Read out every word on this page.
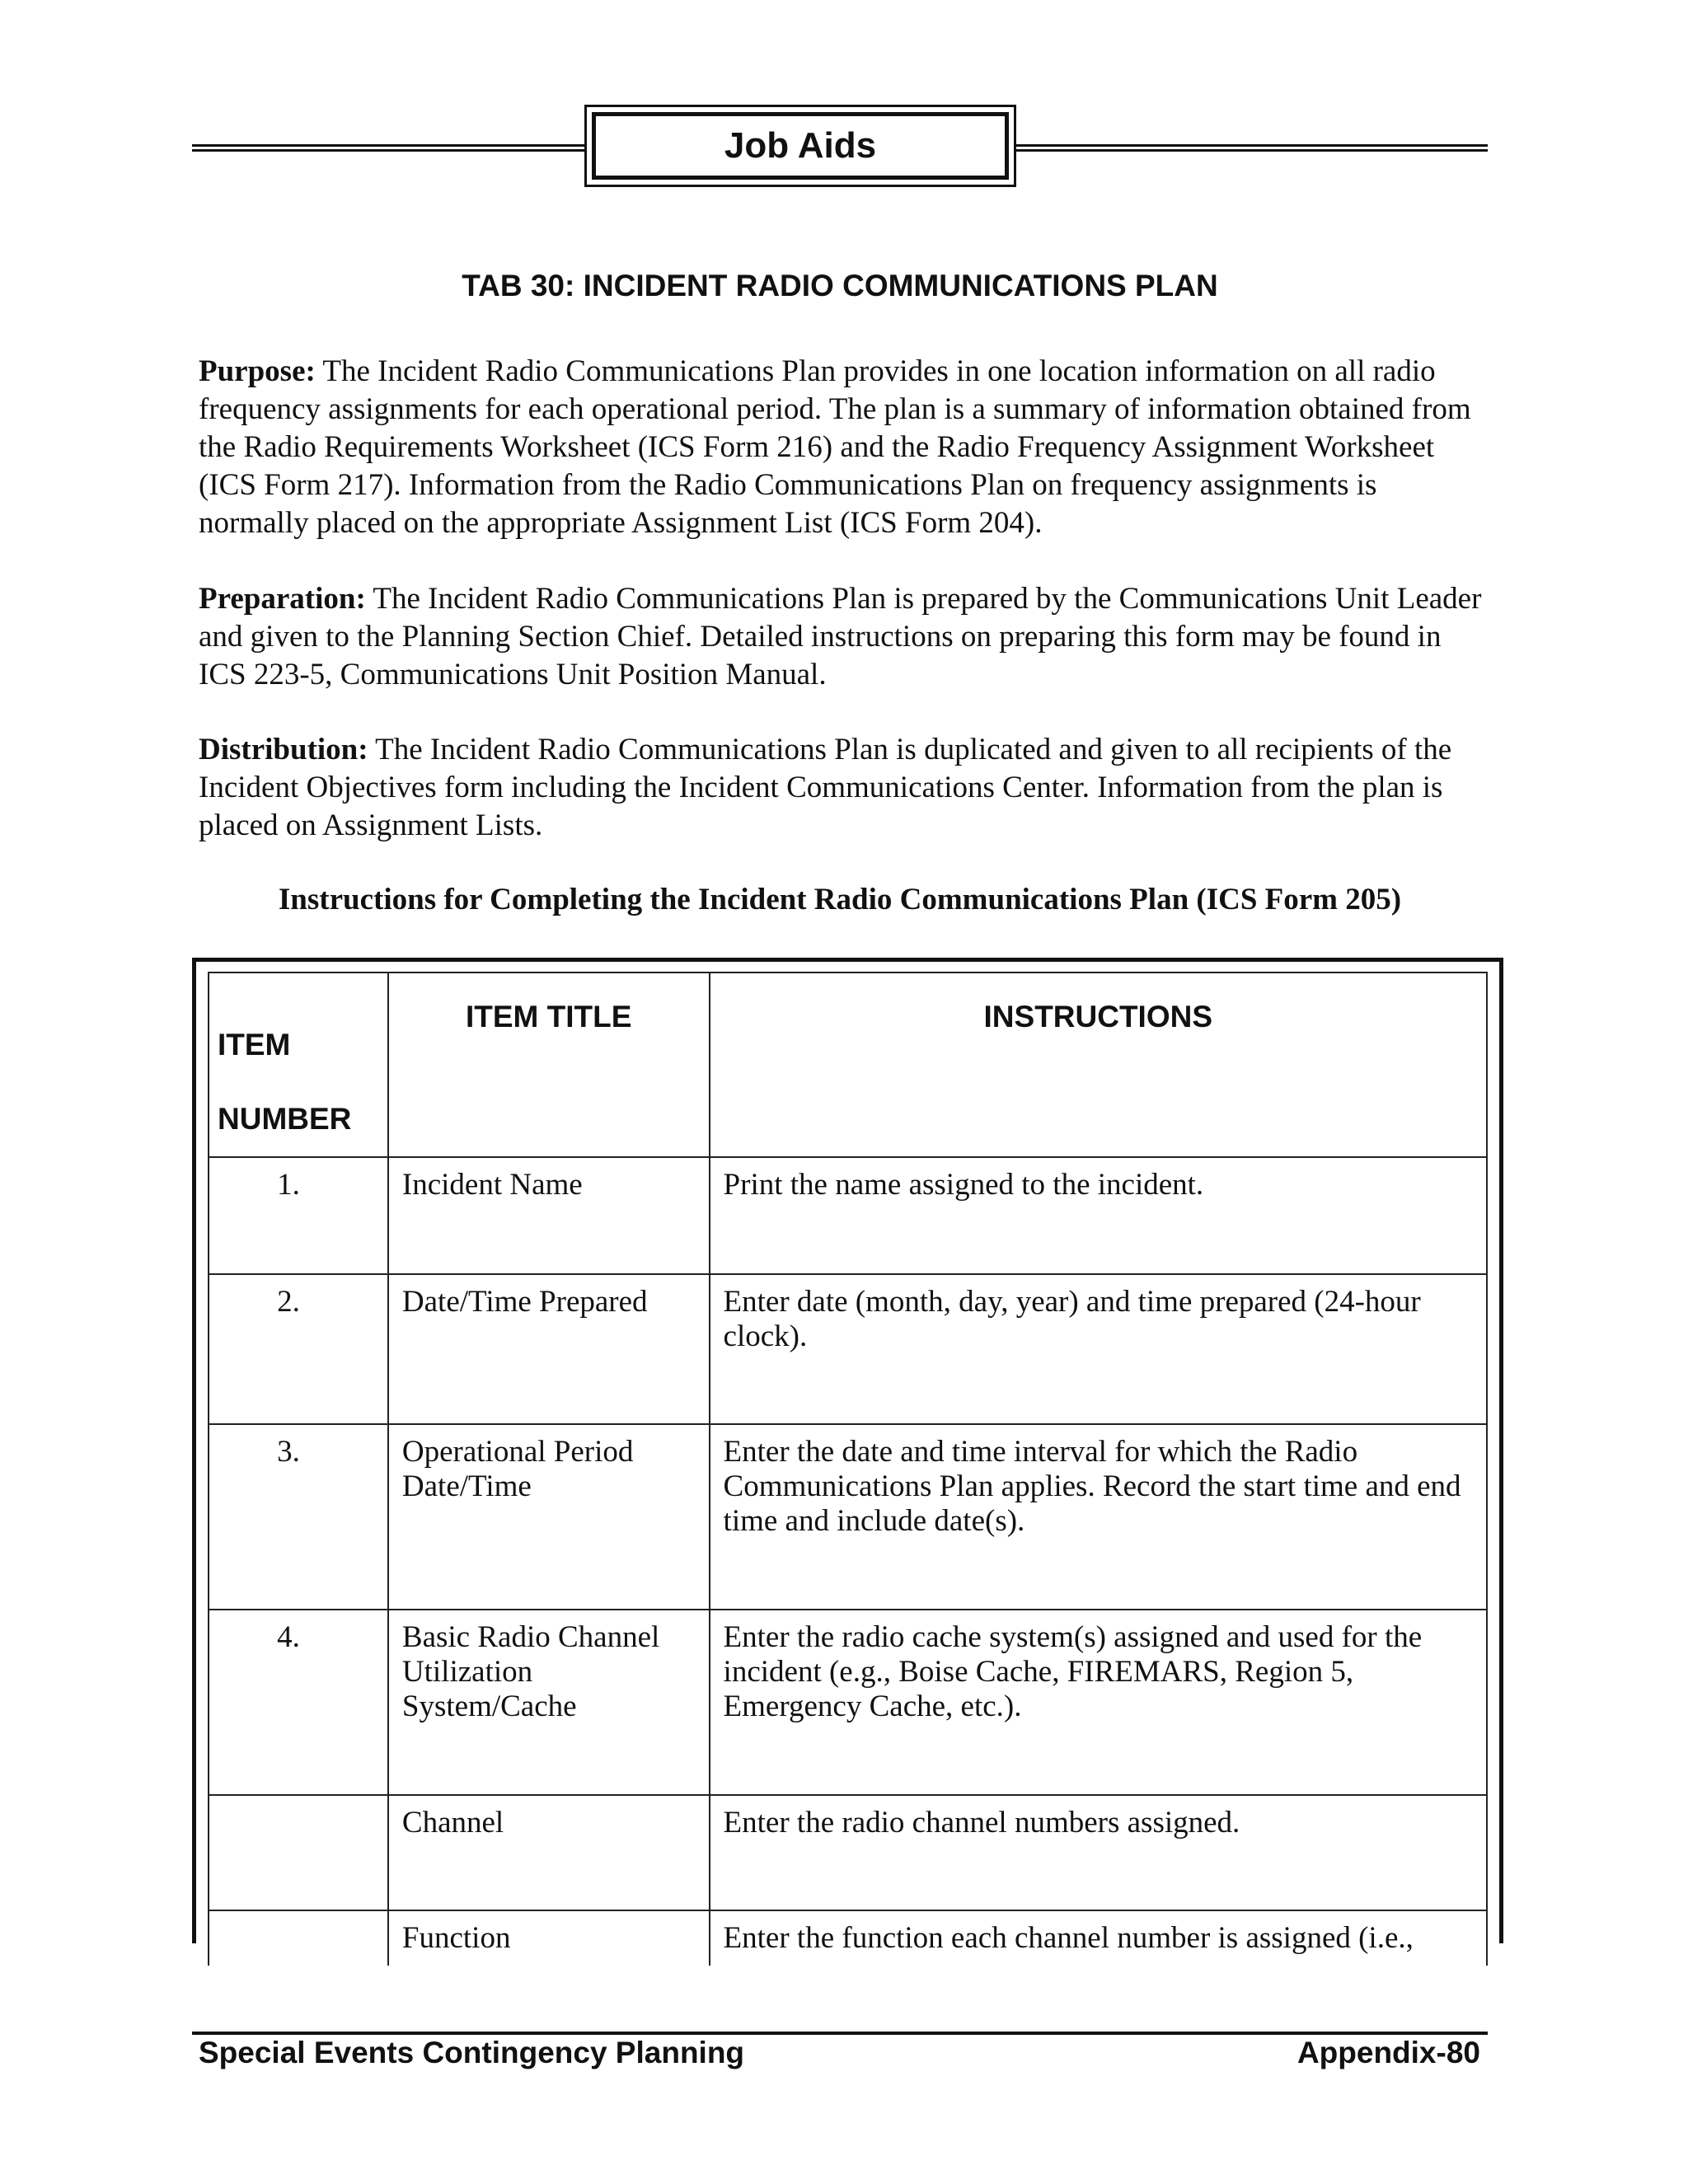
Job Aids
TAB 30: INCIDENT RADIO COMMUNICATIONS PLAN
Purpose: The Incident Radio Communications Plan provides in one location information on all radio frequency assignments for each operational period. The plan is a summary of information obtained from the Radio Requirements Worksheet (ICS Form 216) and the Radio Frequency Assignment Worksheet (ICS Form 217). Information from the Radio Communications Plan on frequency assignments is normally placed on the appropriate Assignment List (ICS Form 204).
Preparation: The Incident Radio Communications Plan is prepared by the Communications Unit Leader and given to the Planning Section Chief. Detailed instructions on preparing this form may be found in ICS 223-5, Communications Unit Position Manual.
Distribution: The Incident Radio Communications Plan is duplicated and given to all recipients of the Incident Objectives form including the Incident Communications Center. Information from the plan is placed on Assignment Lists.
Instructions for Completing the Incident Radio Communications Plan (ICS Form 205)
ITEM
NUMBER	ITEM TITLE	INSTRUCTIONS
1.	Incident Name	Print the name assigned to the incident.
2.	Date/Time Prepared	Enter date (month, day, year) and time prepared (24-hour clock).
3.	Operational Period Date/Time	Enter the date and time interval for which the Radio Communications Plan applies. Record the start time and end time and include date(s).
4.	Basic Radio Channel Utilization System/Cache	Enter the radio cache system(s) assigned and used for the incident (e.g., Boise Cache, FIREMARS, Region 5, Emergency Cache, etc.).
	Channel	Enter the radio channel numbers assigned.
	Function	Enter the function each channel number is assigned (i.e.,
Special Events Contingency Planning	Appendix-80
